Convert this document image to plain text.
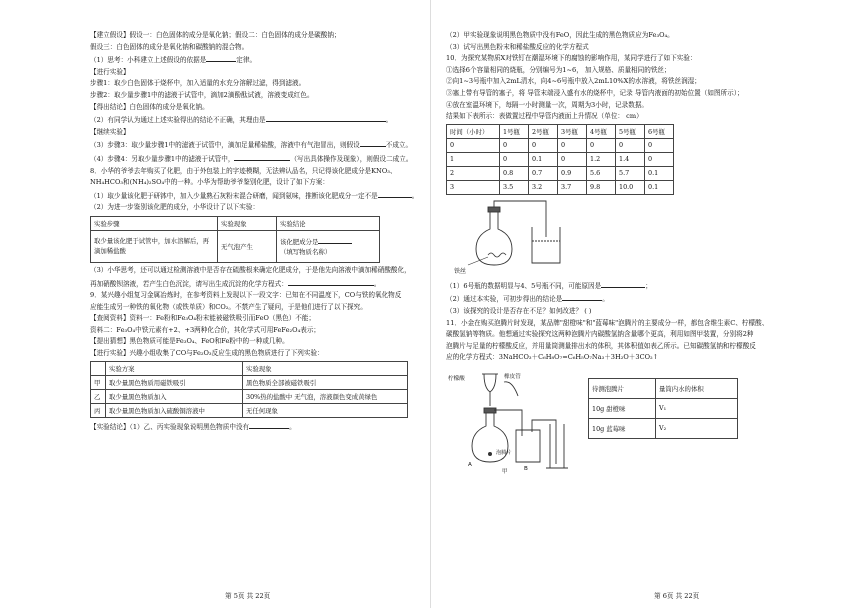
【建立假设】假设一：白色固体的成分是氧化钠；假设二：白色固体的成分是碳酸钠；
假设三：白色固体的成分是氧化钠和碳酸钠的混合物。
（1）思考：小科建立上述假设的依据是	定律。
【进行实验】
步骤1：取少白色固体于烧杯中，加入适量的水充分溶解过滤，得到滤液。
步骤2：取少量步骤1中的滤液于试管中，滴加2滴酚酞试液，溶液变成红色。
【得出结论】白色固体的成分是氧化钠。
（2）有同学认为通过上述实验得出的结论不正确，其理由是	。
【继续实验】
（3）步骤3：取少量步骤1中的滤液于试管中，滴加足量稀盐酸，溶液中有气泡冒出，则假设	不成立。
（4）步骤4：另取少量步骤1中的滤液于试管中，	（写出具体操作及现象），则假设二成立。
8．小华的爷爷去年购买了化肥，由于外包装上的字迹模糊，无法辨认品名，只记得该化肥成分是KNO₃、
NH₄HCO₃和(NH₄)₂SO₄中的一种。小华为帮助爷爷鉴别化肥，设计了如下方案：
（1）取少量该化肥于研钵中，加入少量熟石灰粉末混合研磨，闻到氨味，推断该化肥成分一定不是	。
（2）为进一步鉴别该化肥的成分，小华设计了以下实验：
实验步骤	实验现象	实验结论
取少量该化肥于试管中，加水溶解后，再滴加稀盐酸	无气泡产生	该化肥成分是
（填写物质名称）
（3）小华思考，还可以通过检测溶液中是否存在硫酸根来确定化肥成分，于是他先向溶液中滴加稀硝酸酸化，
再加硝酸钡溶液，若产生白色沉淀，请写出生成沉淀的化学方程式：	。
9．某兴趣小组复习金属冶炼时，在参考资料上发现以下一段文字：已知在不同温度下，CO与铁的氧化物反
应能生成另一种铁的氧化物（或铁单质）和CO₂。不禁产生了疑问，于是他们进行了以下探究。
【查阅资料】资料一：Fe粉和Fe₃O₄粉末能被磁铁吸引而FeO（黑色）不能；
资料二：Fe₃O₄中铁元素有+2、+3两种化合价，其化学式可用FeFe₂O₄表示；
【提出猜想】黑色物质可能是Fe₃O₄、FeO和Fe粉中的一种或几种。
【进行实验】兴趣小组收集了CO与Fe₂O₃反应生成的黑色物质进行了下列实验：
	实验方案	实验现象
甲	取少量黑色物质用磁铁吸引	黑色物质全部被磁铁吸引
乙	取少量黑色物质加入	30%热的盐酸中 无气泡，溶液颜色变成黄绿色
丙	取少量黑色物质加入硫酸铜溶液中	无任何现象
【实验结论】（1）乙、丙实验现象说明黑色物质中没有	。
（2）甲实验现象说明黑色物质中没有FeO，因此生成的黑色物质应为Fe₃O₄。
（3）试写出黑色粉末和稀盐酸反应的化学方程式
10．为探究某物质X对铁钉在潮湿环境下的腐蚀的影响作用，某同学进行了如下实验：
①选择6个容量相同的烧瓶，分别编号为1~6， 加入规格、质量相同的铁丝；
②向1~3号瓶中加入2mL清水，向4~6号瓶中放入2mL10%X的水溶液，将铁丝润湿；
③塞上带有导管的塞子，将 导管末端浸入盛有水的烧杯中，记录 导管内液面的初始位置（如图所示）；
④放在室温环境下，每隔一小时测量一次，周期为3小时，记录数据。
结果如下表所示：表做置过程中导管内液面上升情况（单位： cm）
时间（小时）	1号瓶	2号瓶	3号瓶	4号瓶	5号瓶	6号瓶
0	0	0	0	0	0	0
1	0	0.1	0	1.2	1.4	0
2	0.8	0.7	0.9	5.6	5.7	0.1
3	3.5	3.2	3.7	9.8	10.0	0.1
铁丝
（1）6号瓶的数据明显与4、5号瓶不同，可能原因是	；
（2）通过本实验，可初步得出的结论是	。
（3）该探究的设计是否存在不足？如何改进？ ( )
11．小金在购买泡腾片时发现，某品牌"甜橙味"和"蓝莓味"泡腾片的主要成分一样，都包含维生素C、柠檬酸、
碳酸氢钠等物质。他想通过实验探究这两种泡腾片内碳酸氢钠含量哪个更高，利用如图甲装置，分别将2种
泡腾片与足量的柠檬酸反应，并用量筒测量排出水的体积，其体积值如表乙所示。已知碳酸氢钠和柠檬酸反
应的化学方程式：3NaHCO₃＋C₆H₈O₇=C₆H₅O₇Na₃＋3H₂O＋3CO₂↑
柠檬酸	橡皮管
泡腾片
A
B
甲
待测泡腾片	量筒内水的体积
10g 甜橙味	V₁
10g 蓝莓味	V₂
第 5页 共 22页	第 6页 共 22页
